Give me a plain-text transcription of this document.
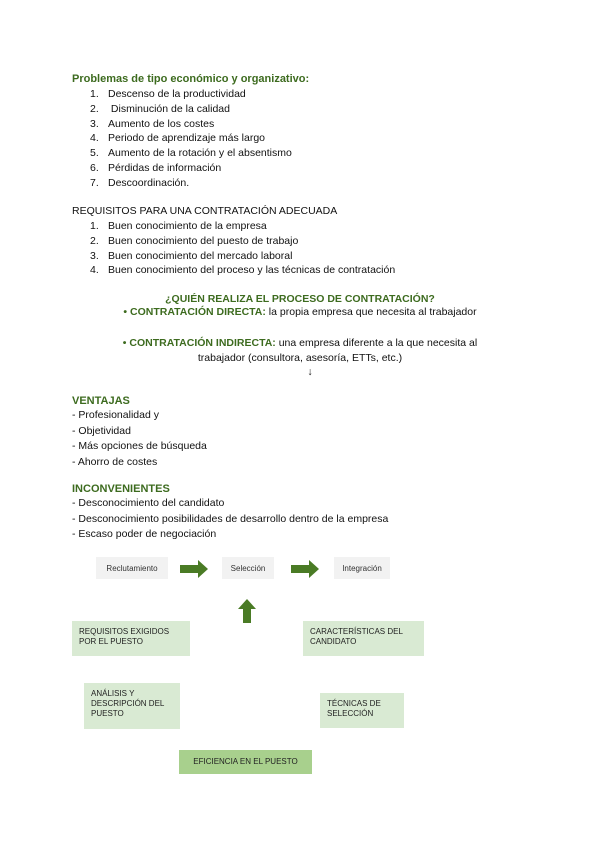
Problemas de tipo económico y organizativo:
1. Descenso de la productividad
2. Disminución de la calidad
3. Aumento de los costes
4. Periodo de aprendizaje más largo
5. Aumento de la rotación y el absentismo
6. Pérdidas de información
7. Descoordinación.
REQUISITOS PARA UNA CONTRATACIÓN ADECUADA
1. Buen conocimiento de la empresa
2. Buen conocimiento del puesto de trabajo
3. Buen conocimiento del mercado laboral
4. Buen conocimiento del proceso y las técnicas de contratación
¿QUIÉN REALIZA EL PROCESO DE CONTRATACIÓN?
• CONTRATACIÓN DIRECTA: la propia empresa que necesita al trabajador
• CONTRATACIÓN INDIRECTA: una empresa diferente a la que necesita al
trabajador (consultora, asesoría, ETTs, etc.)
↓
VENTAJAS
- Profesionalidad y
- Objetividad
- Más opciones de búsqueda
- Ahorro de costes
INCONVENIENTES
- Desconocimiento del candidato
- Desconocimiento posibilidades de desarrollo dentro de la empresa
- Escaso poder de negociación
Reclutamiento	Selección	Integración
REQUISITOS EXIGIDOS
POR EL PUESTO
CARACTERÍSTICAS DEL
CANDIDATO
ANÁLISIS Y
DESCRIPCIÓN DEL
PUESTO
TÉCNICAS DE
SELECCIÓN
EFICIENCIA EN EL PUESTO
